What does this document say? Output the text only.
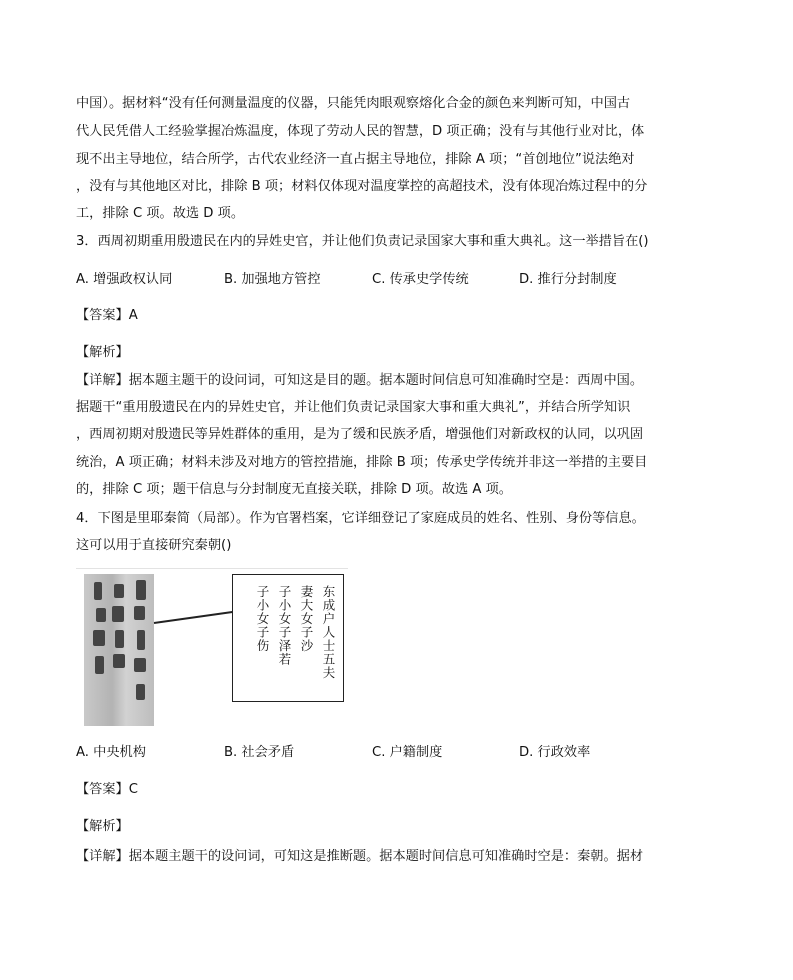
中国）。据材料“没有任何测量温度的仪器，只能凭肉眼观察熔化合金的颜色来判断可知，中国古
代人民凭借人工经验掌握冶炼温度，体现了劳动人民的智慧，D 项正确；没有与其他行业对比，体
现不出主导地位，结合所学，古代农业经济一直占据主导地位，排除 A 项；“首创地位”说法绝对
，没有与其他地区对比，排除 B 项；材料仅体现对温度掌控的高超技术，没有体现冶炼过程中的分
工，排除 C 项。故选 D 项。
3．西周初期重用殷遗民在内的异姓史官，并让他们负责记录国家大事和重大典礼。这一举措旨在()
A. 增强政权认同	B. 加强地方管控	C. 传承史学传统	D. 推行分封制度
【答案】A
【解析】
【详解】据本题主题干的设问词，可知这是目的题。据本题时间信息可知准确时空是：西周中国。
据题干“重用殷遗民在内的异姓史官，并让他们负责记录国家大事和重大典礼”，并结合所学知识
，西周初期对殷遗民等异姓群体的重用，是为了缓和民族矛盾，增强他们对新政权的认同，以巩固
统治，A 项正确；材料未涉及对地方的管控措施，排除 B 项；传承史学传统并非这一举措的主要目
的，排除 C 项；题干信息与分封制度无直接关联，排除 D 项。故选 A 项。
4．下图是里耶秦简（局部）。作为官署档案，它详细登记了家庭成员的姓名、性别、身份等信息。
这可以用于直接研究秦朝()
东成户人士五夫
妻大女子沙
子小女子泽若
子小女子伤
A. 中央机构	B. 社会矛盾	C. 户籍制度	D. 行政效率
【答案】C
【解析】
【详解】据本题主题干的设问词，可知这是推断题。据本题时间信息可知准确时空是：秦朝。据材
